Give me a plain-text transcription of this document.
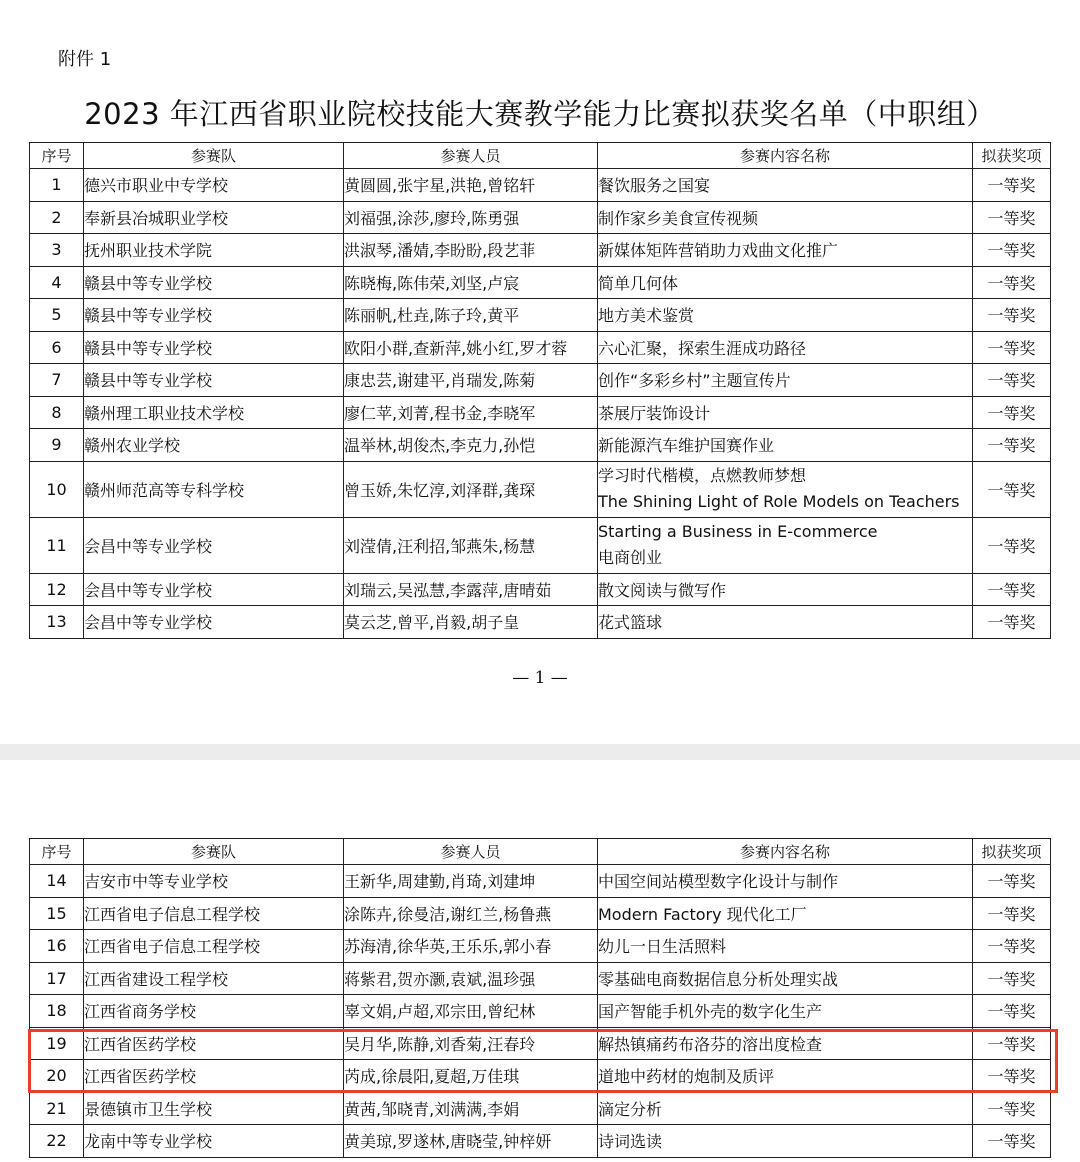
附件 1
2023 年江西省职业院校技能大赛教学能力比赛拟获奖名单（中职组）
序号	参赛队	参赛人员	参赛内容名称	拟获奖项
1	德兴市职业中专学校	黄圆圆,张宇星,洪艳,曾铭轩	餐饮服务之国宴	一等奖
2	奉新县冶城职业学校	刘福强,涂莎,廖玲,陈勇强	制作家乡美食宣传视频	一等奖
3	抚州职业技术学院	洪淑琴,潘婧,李盼盼,段艺菲	新媒体矩阵营销助力戏曲文化推广	一等奖
4	赣县中等专业学校	陈晓梅,陈伟荣,刘坚,卢宸	简单几何体	一等奖
5	赣县中等专业学校	陈丽帆,杜垚,陈子玲,黄平	地方美术鉴赏	一等奖
6	赣县中等专业学校	欧阳小群,查新萍,姚小红,罗才蓉	六心汇聚，探索生涯成功路径	一等奖
7	赣县中等专业学校	康忠芸,谢建平,肖瑞发,陈菊	创作“多彩乡村”主题宣传片	一等奖
8	赣州理工职业技术学校	廖仁苹,刘菁,程书金,李晓军	茶展厅装饰设计	一等奖
9	赣州农业学校	温举林,胡俊杰,李克力,孙恺	新能源汽车维护国赛作业	一等奖
10	赣州师范高等专科学校	曾玉娇,朱忆淳,刘泽群,龚琛	学习时代楷模，点燃教师梦想
The Shining Light of Role Models on Teachers	一等奖
11	会昌中等专业学校	刘滢倩,汪利招,邹燕朱,杨慧	Starting a Business in E-commerce
电商创业	一等奖
12	会昌中等专业学校	刘瑞云,吴泓慧,李露萍,唐晴茹	散文阅读与微写作	一等奖
13	会昌中等专业学校	莫云芝,曾平,肖毅,胡子皇	花式篮球	一等奖
— 1 —
序号	参赛队	参赛人员	参赛内容名称	拟获奖项
14	吉安市中等专业学校	王新华,周建勤,肖琦,刘建坤	中国空间站模型数字化设计与制作	一等奖
15	江西省电子信息工程学校	涂陈卉,徐曼洁,谢红兰,杨鲁燕	Modern Factory 现代化工厂	一等奖
16	江西省电子信息工程学校	苏海清,徐华英,王乐乐,郭小春	幼儿一日生活照料	一等奖
17	江西省建设工程学校	蒋紫君,贺亦灏,袁斌,温珍强	零基础电商数据信息分析处理实战	一等奖
18	江西省商务学校	辜文娟,卢超,邓宗田,曾纪林	国产智能手机外壳的数字化生产	一等奖
19	江西省医药学校	吴月华,陈静,刘香菊,汪春玲	解热镇痛药布洛芬的溶出度检查	一等奖
20	江西省医药学校	芮成,徐晨阳,夏超,万佳琪	道地中药材的炮制及质评	一等奖
21	景德镇市卫生学校	黄茜,邹晓青,刘满满,李娟	滴定分析	一等奖
22	龙南中等专业学校	黄美琼,罗遂林,唐晓莹,钟梓妍	诗词选读	一等奖
